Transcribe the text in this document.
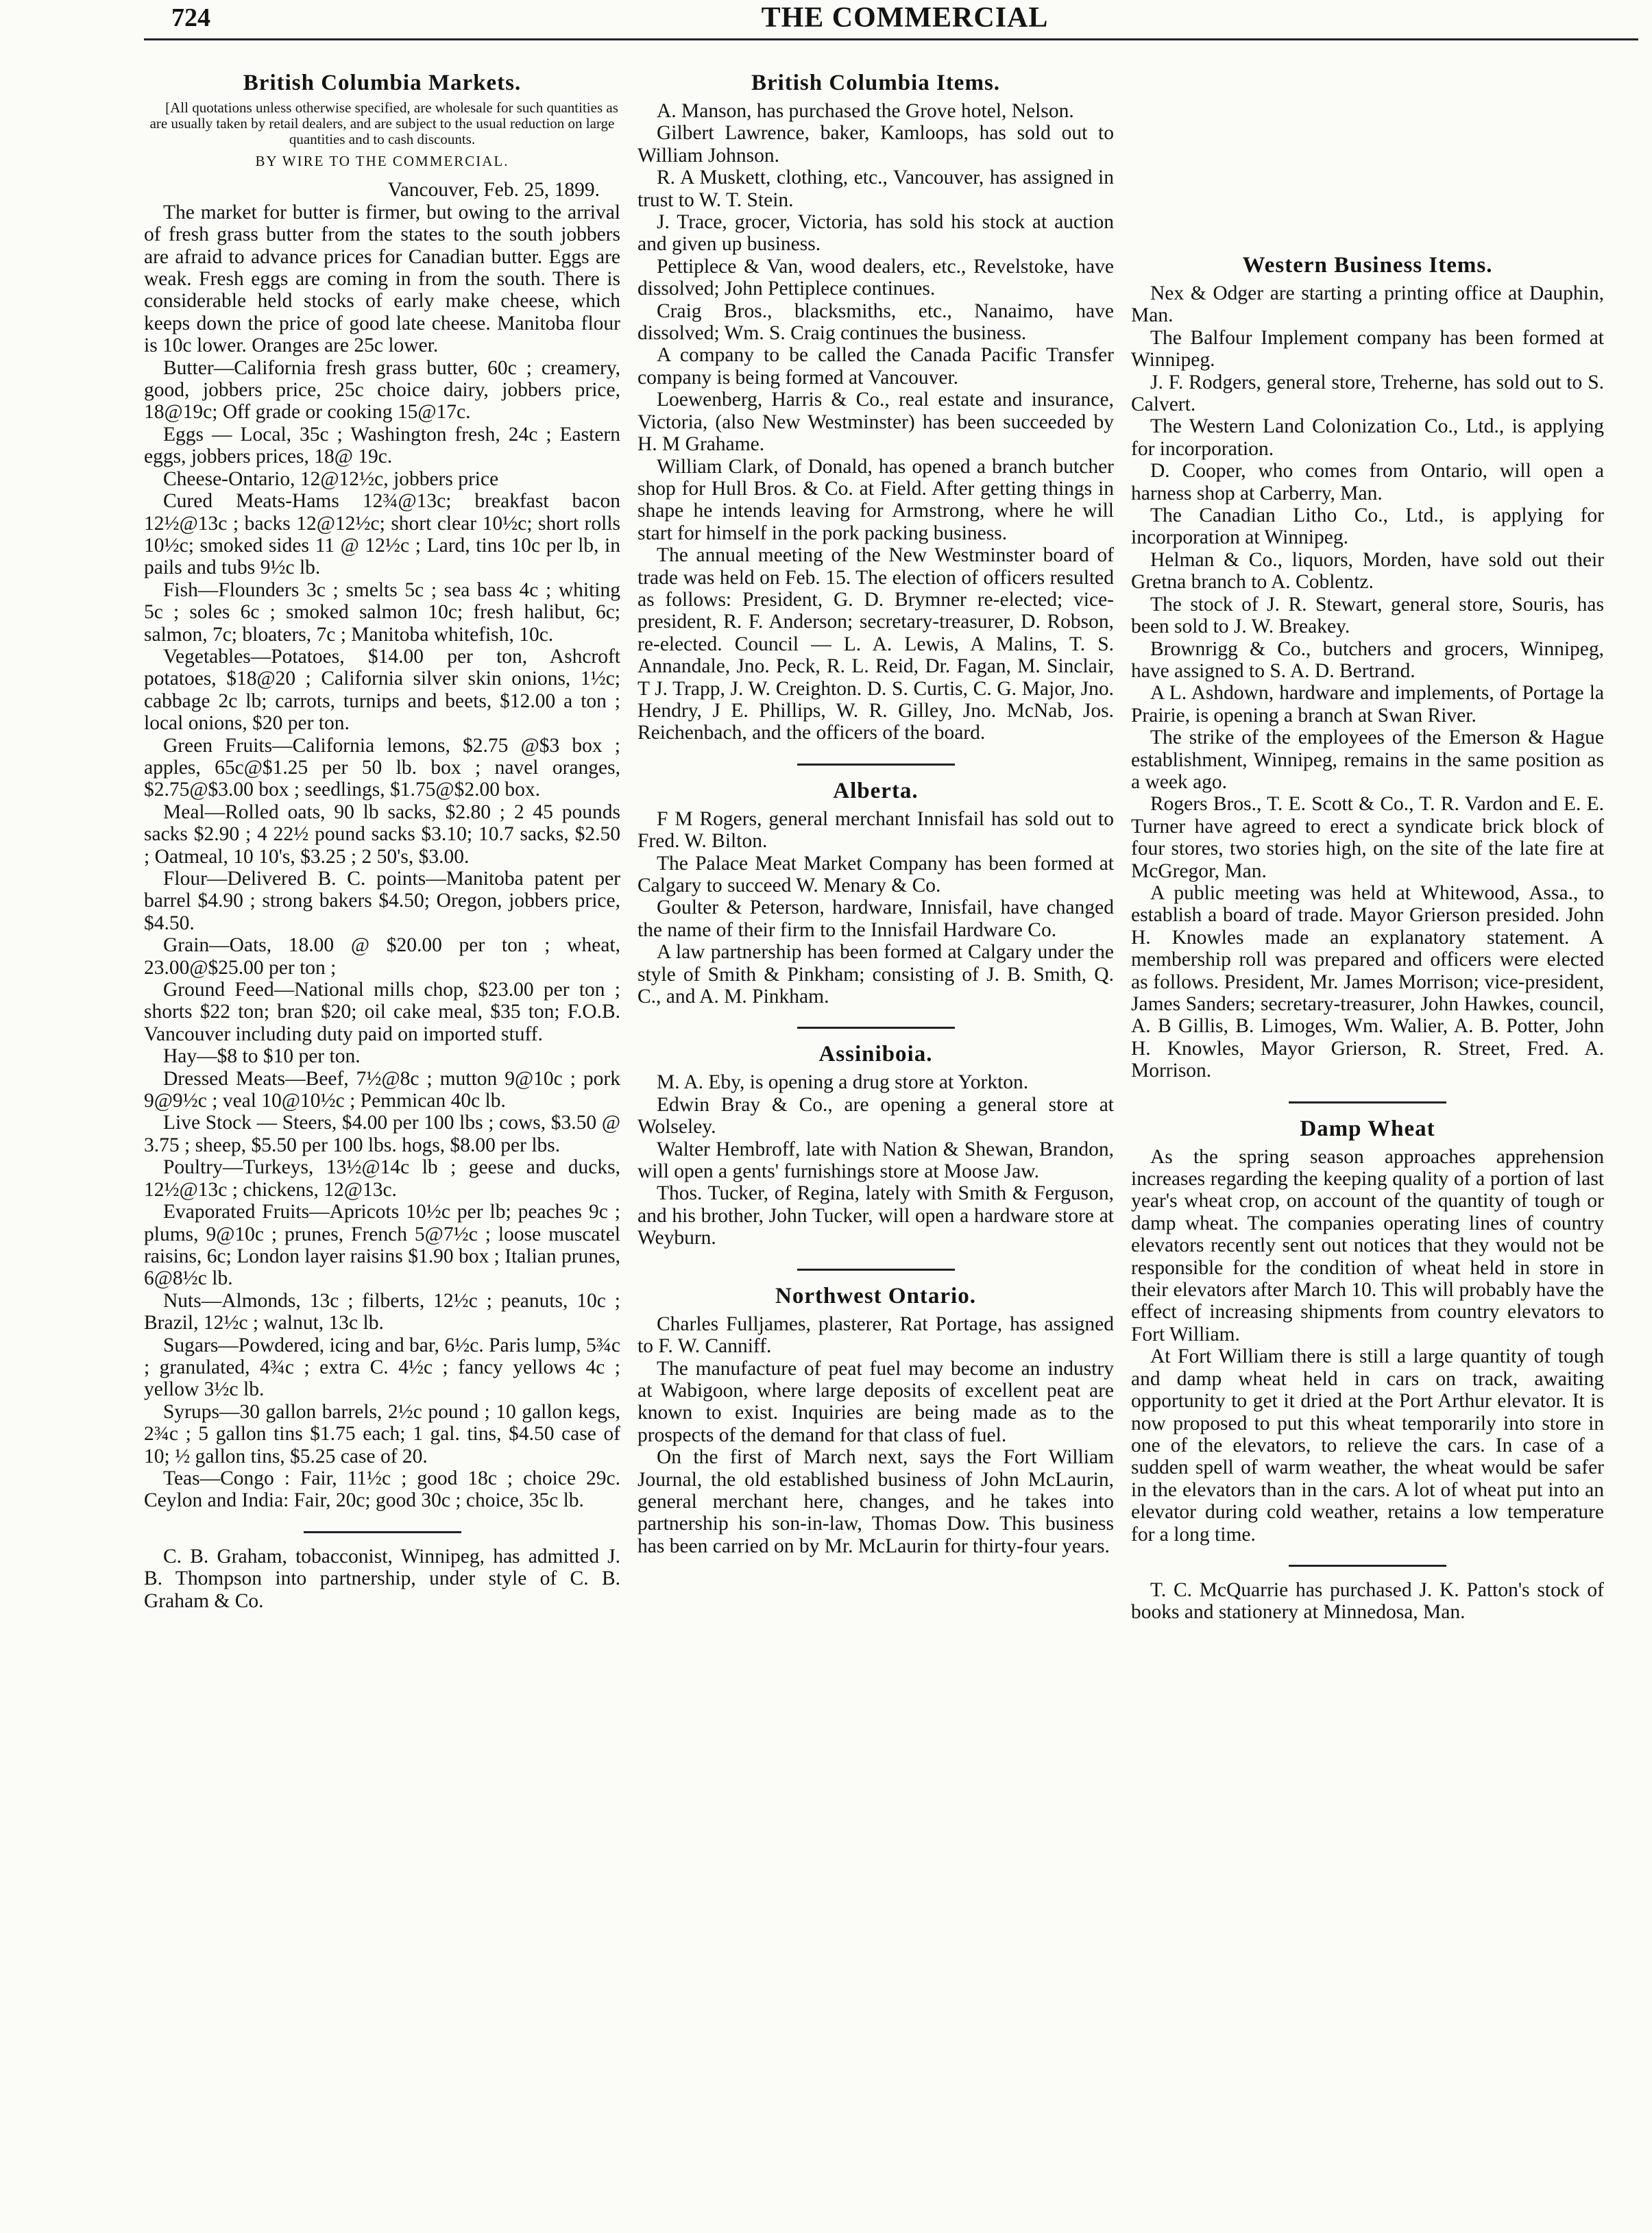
724	THE COMMERCIAL
British Columbia Markets.

[All quotations unless otherwise specified, are wholesale for such quantities as are usually taken by retail dealers, and are subject to the usual reduction on large quantities and to cash discounts.

BY WIRE TO THE COMMERCIAL.

Vancouver, Feb. 25, 1899.

The market for butter is firmer, but owing to the arrival of fresh grass butter from the states to the south jobbers are afraid to advance prices for Canadian butter. Eggs are weak. Fresh eggs are coming in from the south. There is considerable held stocks of early make cheese, which keeps down the price of good late cheese. Manitoba flour is 10c lower. Oranges are 25c lower.

Butter—California fresh grass butter, 60c ; creamery, good, jobbers price, 25c choice dairy, jobbers price, 18@19c; Off grade or cooking 15@17c.

Eggs — Local, 35c ; Washington fresh, 24c ; Eastern eggs, jobbers prices, 18@ 19c.

Cheese-Ontario, 12@12½c, jobbers price

Cured Meats-Hams 12¾@13c; breakfast bacon 12½@13c ; backs 12@12½c; short clear 10½c; short rolls 10½c; smoked sides 11 @ 12½c ; Lard, tins 10c per lb, in pails and tubs 9½c lb.

Fish—Flounders 3c ; smelts 5c ; sea bass 4c ; whiting 5c ; soles 6c ; smoked salmon 10c; fresh halibut, 6c; salmon, 7c; bloaters, 7c ; Manitoba whitefish, 10c.

Vegetables—Potatoes, $14.00 per ton, Ashcroft potatoes, $18@20 ; California silver skin onions, 1½c; cabbage 2c lb; carrots, turnips and beets, $12.00 a ton ; local onions, $20 per ton.

Green Fruits—California lemons, $2.75 @$3 box ; apples, 65c@$1.25 per 50 lb. box ; navel oranges, $2.75@$3.00 box ; seedlings, $1.75@$2.00 box.

Meal—Rolled oats, 90 lb sacks, $2.80 ; 2 45 pounds sacks $2.90 ; 4 22½ pound sacks $3.10; 10.7 sacks, $2.50 ; Oatmeal, 10 10's, $3.25 ; 2 50's, $3.00.

Flour—Delivered B. C. points—Manitoba patent per barrel $4.90 ; strong bakers $4.50; Oregon, jobbers price, $4.50.

Grain—Oats, 18.00 @ $20.00 per ton ; wheat, 23.00@$25.00 per ton ;

Ground Feed—National mills chop, $23.00 per ton ; shorts $22 ton; bran $20; oil cake meal, $35 ton; F.O.B. Vancouver including duty paid on imported stuff.

Hay—$8 to $10 per ton.

Dressed Meats—Beef, 7½@8c ; mutton 9@10c ; pork 9@9½c ; veal 10@10½c ; Pemmican 40c lb.

Live Stock — Steers, $4.00 per 100 lbs ; cows, $3.50 @ 3.75 ; sheep, $5.50 per 100 lbs. hogs, $8.00 per lbs.

Poultry—Turkeys, 13½@14c lb ; geese and ducks, 12½@13c ; chickens, 12@13c.

Evaporated Fruits—Apricots 10½c per lb; peaches 9c ; plums, 9@10c ; prunes, French 5@7½c ; loose muscatel raisins, 6c; London layer raisins $1.90 box ; Italian prunes, 6@8½c lb.

Nuts—Almonds, 13c ; filberts, 12½c ; peanuts, 10c ; Brazil, 12½c ; walnut, 13c lb.

Sugars—Powdered, icing and bar, 6½c. Paris lump, 5¾c ; granulated, 4¾c ; extra C. 4½c ; fancy yellows 4c ; yellow 3½c lb.

Syrups—30 gallon barrels, 2½c pound ; 10 gallon kegs, 2¾c ; 5 gallon tins $1.75 each; 1 gal. tins, $4.50 case of 10; ½ gallon tins, $5.25 case of 20.

Teas—Congo : Fair, 11½c ; good 18c ; choice 29c. Ceylon and India: Fair, 20c; good 30c ; choice, 35c lb.

C. B. Graham, tobacconist, Winnipeg, has admitted J. B. Thompson into partnership, under style of C. B. Graham & Co.

British Columbia Items.

A. Manson, has purchased the Grove hotel, Nelson.

Gilbert Lawrence, baker, Kamloops, has sold out to William Johnson.

R. A Muskett, clothing, etc., Vancouver, has assigned in trust to W. T. Stein.

J. Trace, grocer, Victoria, has sold his stock at auction and given up business.

Pettiplece & Van, wood dealers, etc., Revelstoke, have dissolved; John Pettiplece continues.

Craig Bros., blacksmiths, etc., Nanaimo, have dissolved; Wm. S. Craig continues the business.

A company to be called the Canada Pacific Transfer company is being formed at Vancouver.

Loewenberg, Harris & Co., real estate and insurance, Victoria, (also New Westminster) has been succeeded by H. M Grahame.

William Clark, of Donald, has opened a branch butcher shop for Hull Bros. & Co. at Field. After getting things in shape he intends leaving for Armstrong, where he will start for himself in the pork packing business.

The annual meeting of the New Westminster board of trade was held on Feb. 15. The election of officers resulted as follows: President, G. D. Brymner re-elected; vice-president, R. F. Anderson; secretary-treasurer, D. Robson, re-elected. Council — L. A. Lewis, A Malins, T. S. Annandale, Jno. Peck, R. L. Reid, Dr. Fagan, M. Sinclair, T J. Trapp, J. W. Creighton. D. S. Curtis, C. G. Major, Jno. Hendry, J E. Phillips, W. R. Gilley, Jno. McNab, Jos. Reichenbach, and the officers of the board.

Alberta.

F M Rogers, general merchant Innisfail has sold out to Fred. W. Bilton.

The Palace Meat Market Company has been formed at Calgary to succeed W. Menary & Co.

Goulter & Peterson, hardware, Innisfail, have changed the name of their firm to the Innisfail Hardware Co.

A law partnership has been formed at Calgary under the style of Smith & Pinkham; consisting of J. B. Smith, Q. C., and A. M. Pinkham.

Assiniboia.

M. A. Eby, is opening a drug store at Yorkton.

Edwin Bray & Co., are opening a general store at Wolseley.

Walter Hembroff, late with Nation & Shewan, Brandon, will open a gents' furnishings store at Moose Jaw.

Thos. Tucker, of Regina, lately with Smith & Ferguson, and his brother, John Tucker, will open a hardware store at Weyburn.

Northwest Ontario.

Charles Fulljames, plasterer, Rat Portage, has assigned to F. W. Canniff.

The manufacture of peat fuel may become an industry at Wabigoon, where large deposits of excellent peat are known to exist. Inquiries are being made as to the prospects of the demand for that class of fuel.

On the first of March next, says the Fort William Journal, the old established business of John McLaurin, general merchant here, changes, and he takes into partnership his son-in-law, Thomas Dow. This business has been carried on by Mr. McLaurin for thirty-four years.

Western Business Items.

Nex & Odger are starting a printing office at Dauphin, Man.

The Balfour Implement company has been formed at Winnipeg.

J. F. Rodgers, general store, Treherne, has sold out to S. Calvert.

The Western Land Colonization Co., Ltd., is applying for incorporation.

D. Cooper, who comes from Ontario, will open a harness shop at Carberry, Man.

The Canadian Litho Co., Ltd., is applying for incorporation at Winnipeg.

Helman & Co., liquors, Morden, have sold out their Gretna branch to A. Coblentz.

The stock of J. R. Stewart, general store, Souris, has been sold to J. W. Breakey.

Brownrigg & Co., butchers and grocers, Winnipeg, have assigned to S. A. D. Bertrand.

A L. Ashdown, hardware and implements, of Portage la Prairie, is opening a branch at Swan River.

The strike of the employees of the Emerson & Hague establishment, Winnipeg, remains in the same position as a week ago.

Rogers Bros., T. E. Scott & Co., T. R. Vardon and E. E. Turner have agreed to erect a syndicate brick block of four stores, two stories high, on the site of the late fire at McGregor, Man.

A public meeting was held at Whitewood, Assa., to establish a board of trade. Mayor Grierson presided. John H. Knowles made an explanatory statement. A membership roll was prepared and officers were elected as follows. President, Mr. James Morrison; vice-president, James Sanders; secretary-treasurer, John Hawkes, council, A. B Gillis, B. Limoges, Wm. Walier, A. B. Potter, John H. Knowles, Mayor Grierson, R. Street, Fred. A. Morrison.

Damp Wheat

As the spring season approaches apprehension increases regarding the keeping quality of a portion of last year's wheat crop, on account of the quantity of tough or damp wheat. The companies operating lines of country elevators recently sent out notices that they would not be responsible for the condition of wheat held in store in their elevators after March 10. This will probably have the effect of increasing shipments from country elevators to Fort William.

At Fort William there is still a large quantity of tough and damp wheat held in cars on track, awaiting opportunity to get it dried at the Port Arthur elevator. It is now proposed to put this wheat temporarily into store in one of the elevators, to relieve the cars. In case of a sudden spell of warm weather, the wheat would be safer in the elevators than in the cars. A lot of wheat put into an elevator during cold weather, retains a low temperature for a long time.

T. C. McQuarrie has purchased J. K. Patton's stock of books and stationery at Minnedosa, Man.
